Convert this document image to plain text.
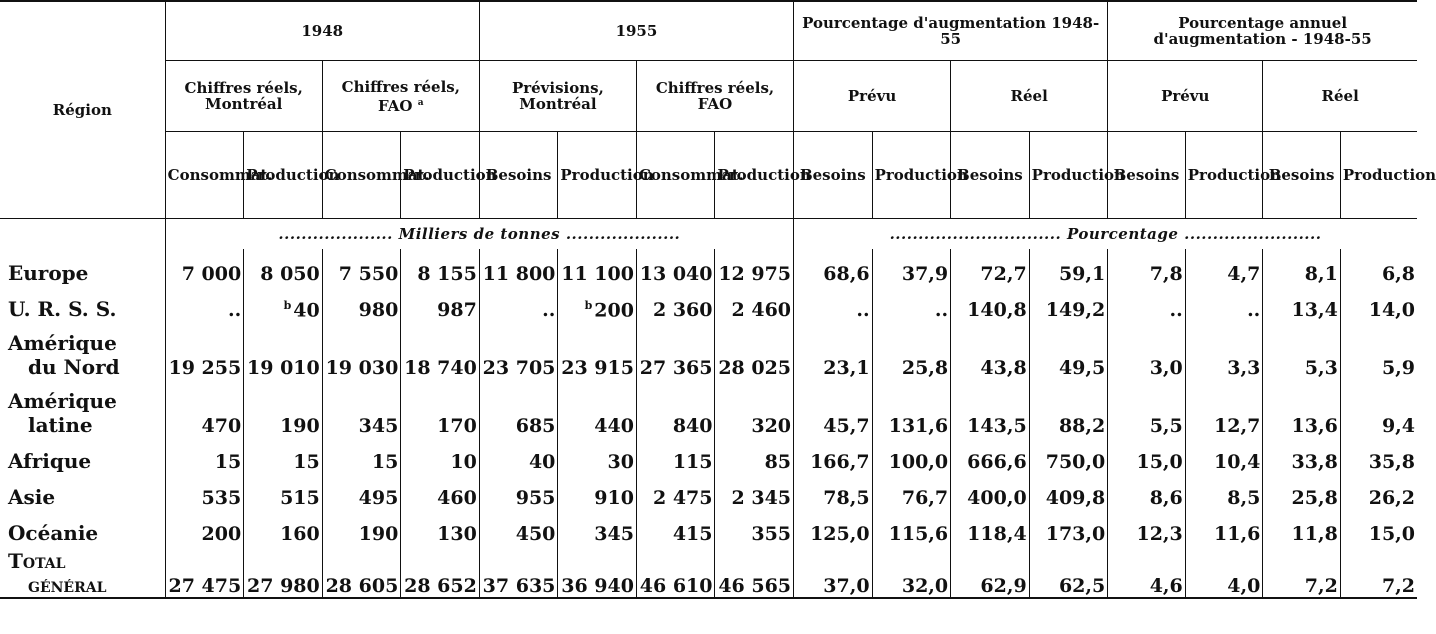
Région	1948				1955				Pourcentage d'augmentation 1948-55				Pourcentage annuel d'augmentation - 1948-55			
	Chiffres réels, Montréal		Chiffres réels, FAO $^a$		Prévisions, Montréal		Chiffres réels, FAO		Prévu		Réel		Prévu		Réel	
	Consommat.	Production	Consommat.	Production	Besoins	Production	Consommat.	Production	Besoins	Production	Besoins	Production	Besoins	Production	Besoins	Production
	.................... Milliers de tonnes ....................								.............................. Pourcentage ........................							
Europe	7 000	8 050	7 550	8 155	11 800	11 100	13 040	12 975	68,6	37,9	72,7	59,1	7,8	4,7	8,1	6,8
U. R. S. S.	..	$^b$ 40	980	987	..	$^b$ 200	2 360	2 460	..	..	140,8	149,2	..	..	13,4	14,0
Amérique
du Nord	19 255	19 010	19 030	18 740	23 705	23 915	27 365	28 025	23,1	25,8	43,8	49,5	3,0	3,3	5,3	5,9
Amérique
latine	470	190	345	170	685	440	840	320	45,7	131,6	143,5	88,2	5,5	12,7	13,6	9,4
Afrique	15	15	15	10	40	30	115	85	166,7	100,0	666,6	750,0	15,0	10,4	33,8	35,8
Asie	535	515	495	460	955	910	2 475	2 345	78,5	76,7	400,0	409,8	8,6	8,5	25,8	26,2
Océanie	200	160	190	130	450	345	415	355	125,0	115,6	118,4	173,0	12,3	11,6	11,8	15,0
Total
général	27 475	27 980	28 605	28 652	37 635	36 940	46 610	46 565	37,0	32,0	62,9	62,5	4,6	4,0	7,2	7,2
